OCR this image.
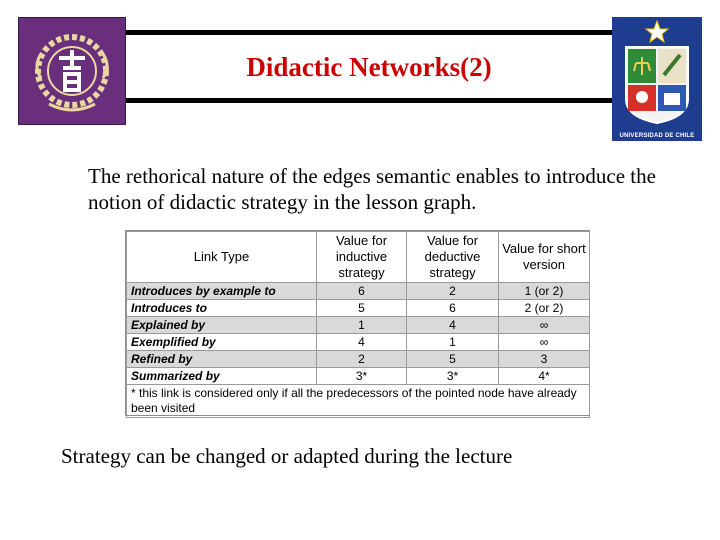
Didactic Networks(2)
UNIVERSIDAD DE CHILE
The rethorical nature of the edges semantic enables to introduce the notion of didactic strategy in the lesson graph.
Link Type	Value for inductive strategy	Value for deductive strategy	Value for short version
Introduces by example to	6	2	1 (or 2)
Introduces to	5	6	2 (or 2)
Explained by	1	4	∞
Exemplified by	4	1	∞
Refined by	2	5	3
Summarized by	3*	3*	4*
* this link is considered only if all the predecessors of the pointed node have already been visited			
Strategy can be changed or adapted during the lecture
